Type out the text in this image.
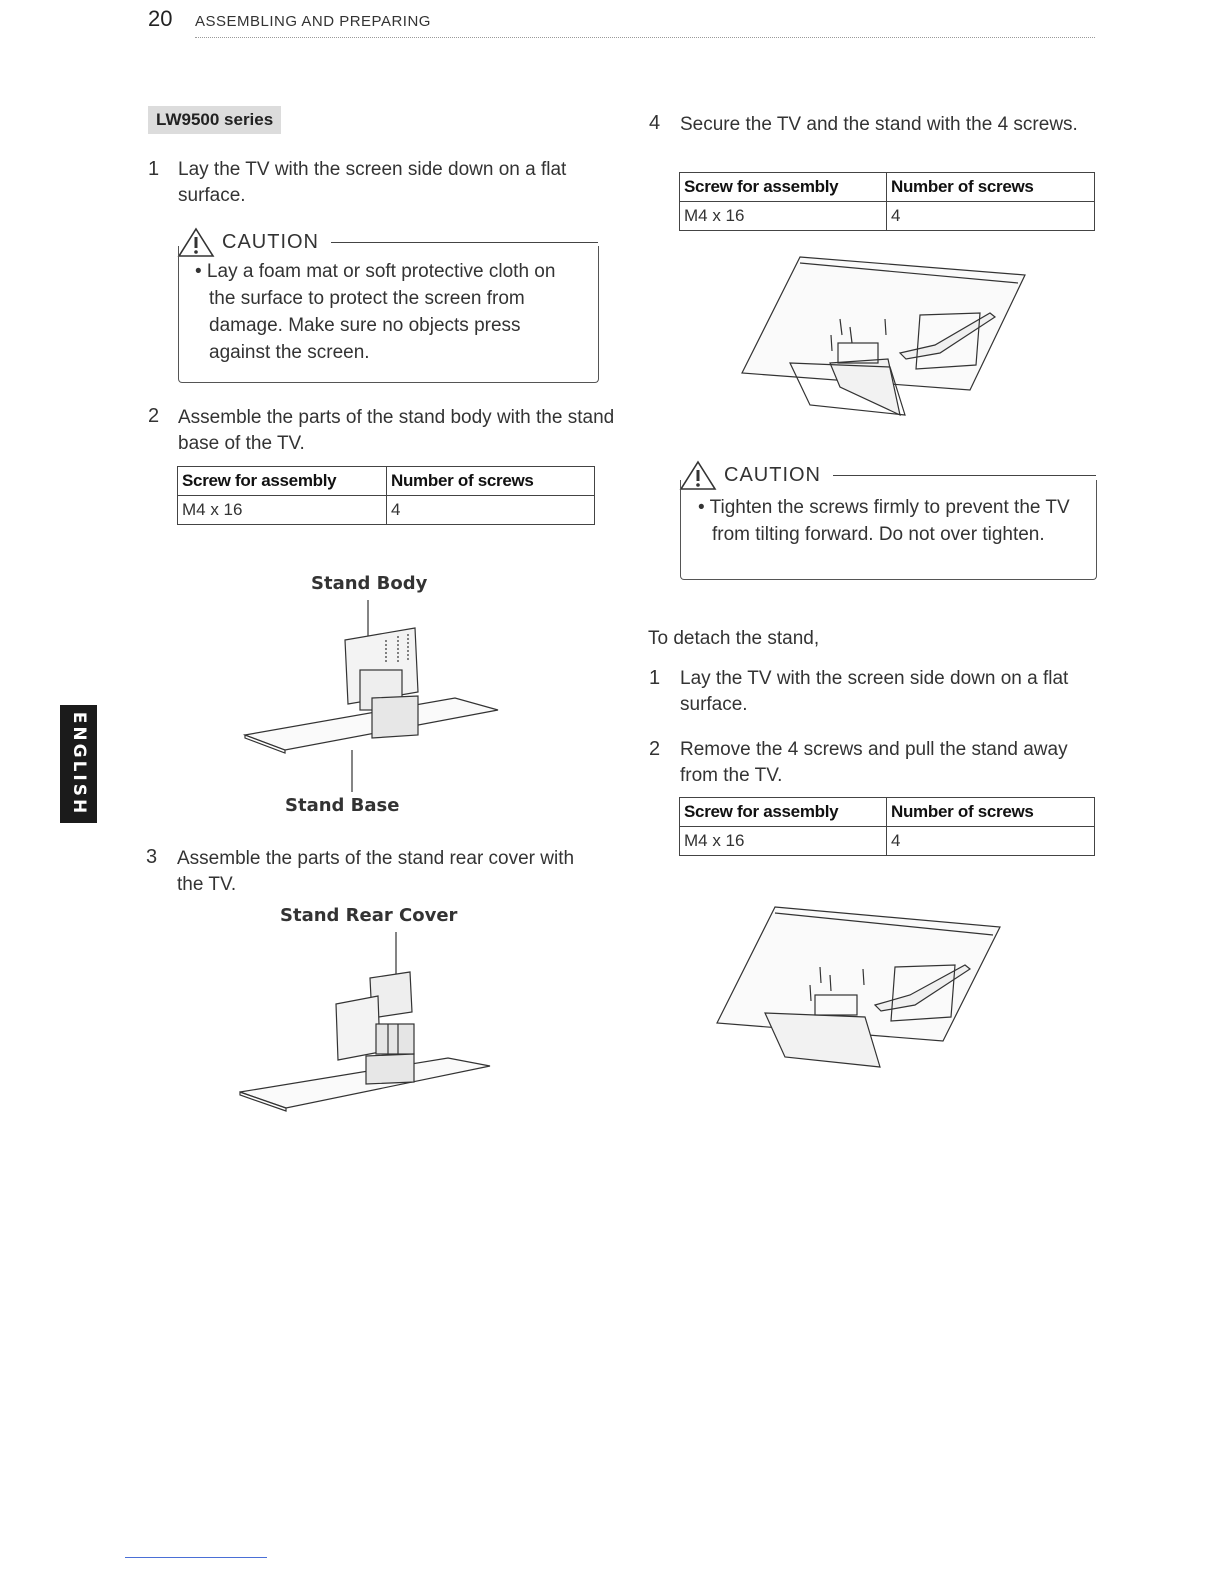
20 ASSEMBLING AND PREPARING
ENGLISH
LW9500 series
1 Lay the TV with the screen side down on a flat surface.
CAUTION
• Lay a foam mat or soft protective cloth on the surface to protect the screen from damage. Make sure no objects press against the screen.
2 Assemble the parts of the stand body with the stand base of the TV.
Screw for assembly	Number of screws
M4 x 16	4
Stand Body
Stand Base
3 Assemble the parts of the stand rear cover with the TV.
Stand Rear Cover
4 Secure the TV and the stand with the 4 screws.
Screw for assembly	Number of screws
M4 x 16	4
CAUTION
• Tighten the screws firmly to prevent the TV from tilting forward. Do not over tighten.
To detach the stand,
1 Lay the TV with the screen side down on a flat surface.
2 Remove the 4 screws and pull the stand away from the TV.
Screw for assembly	Number of screws
M4 x 16	4
